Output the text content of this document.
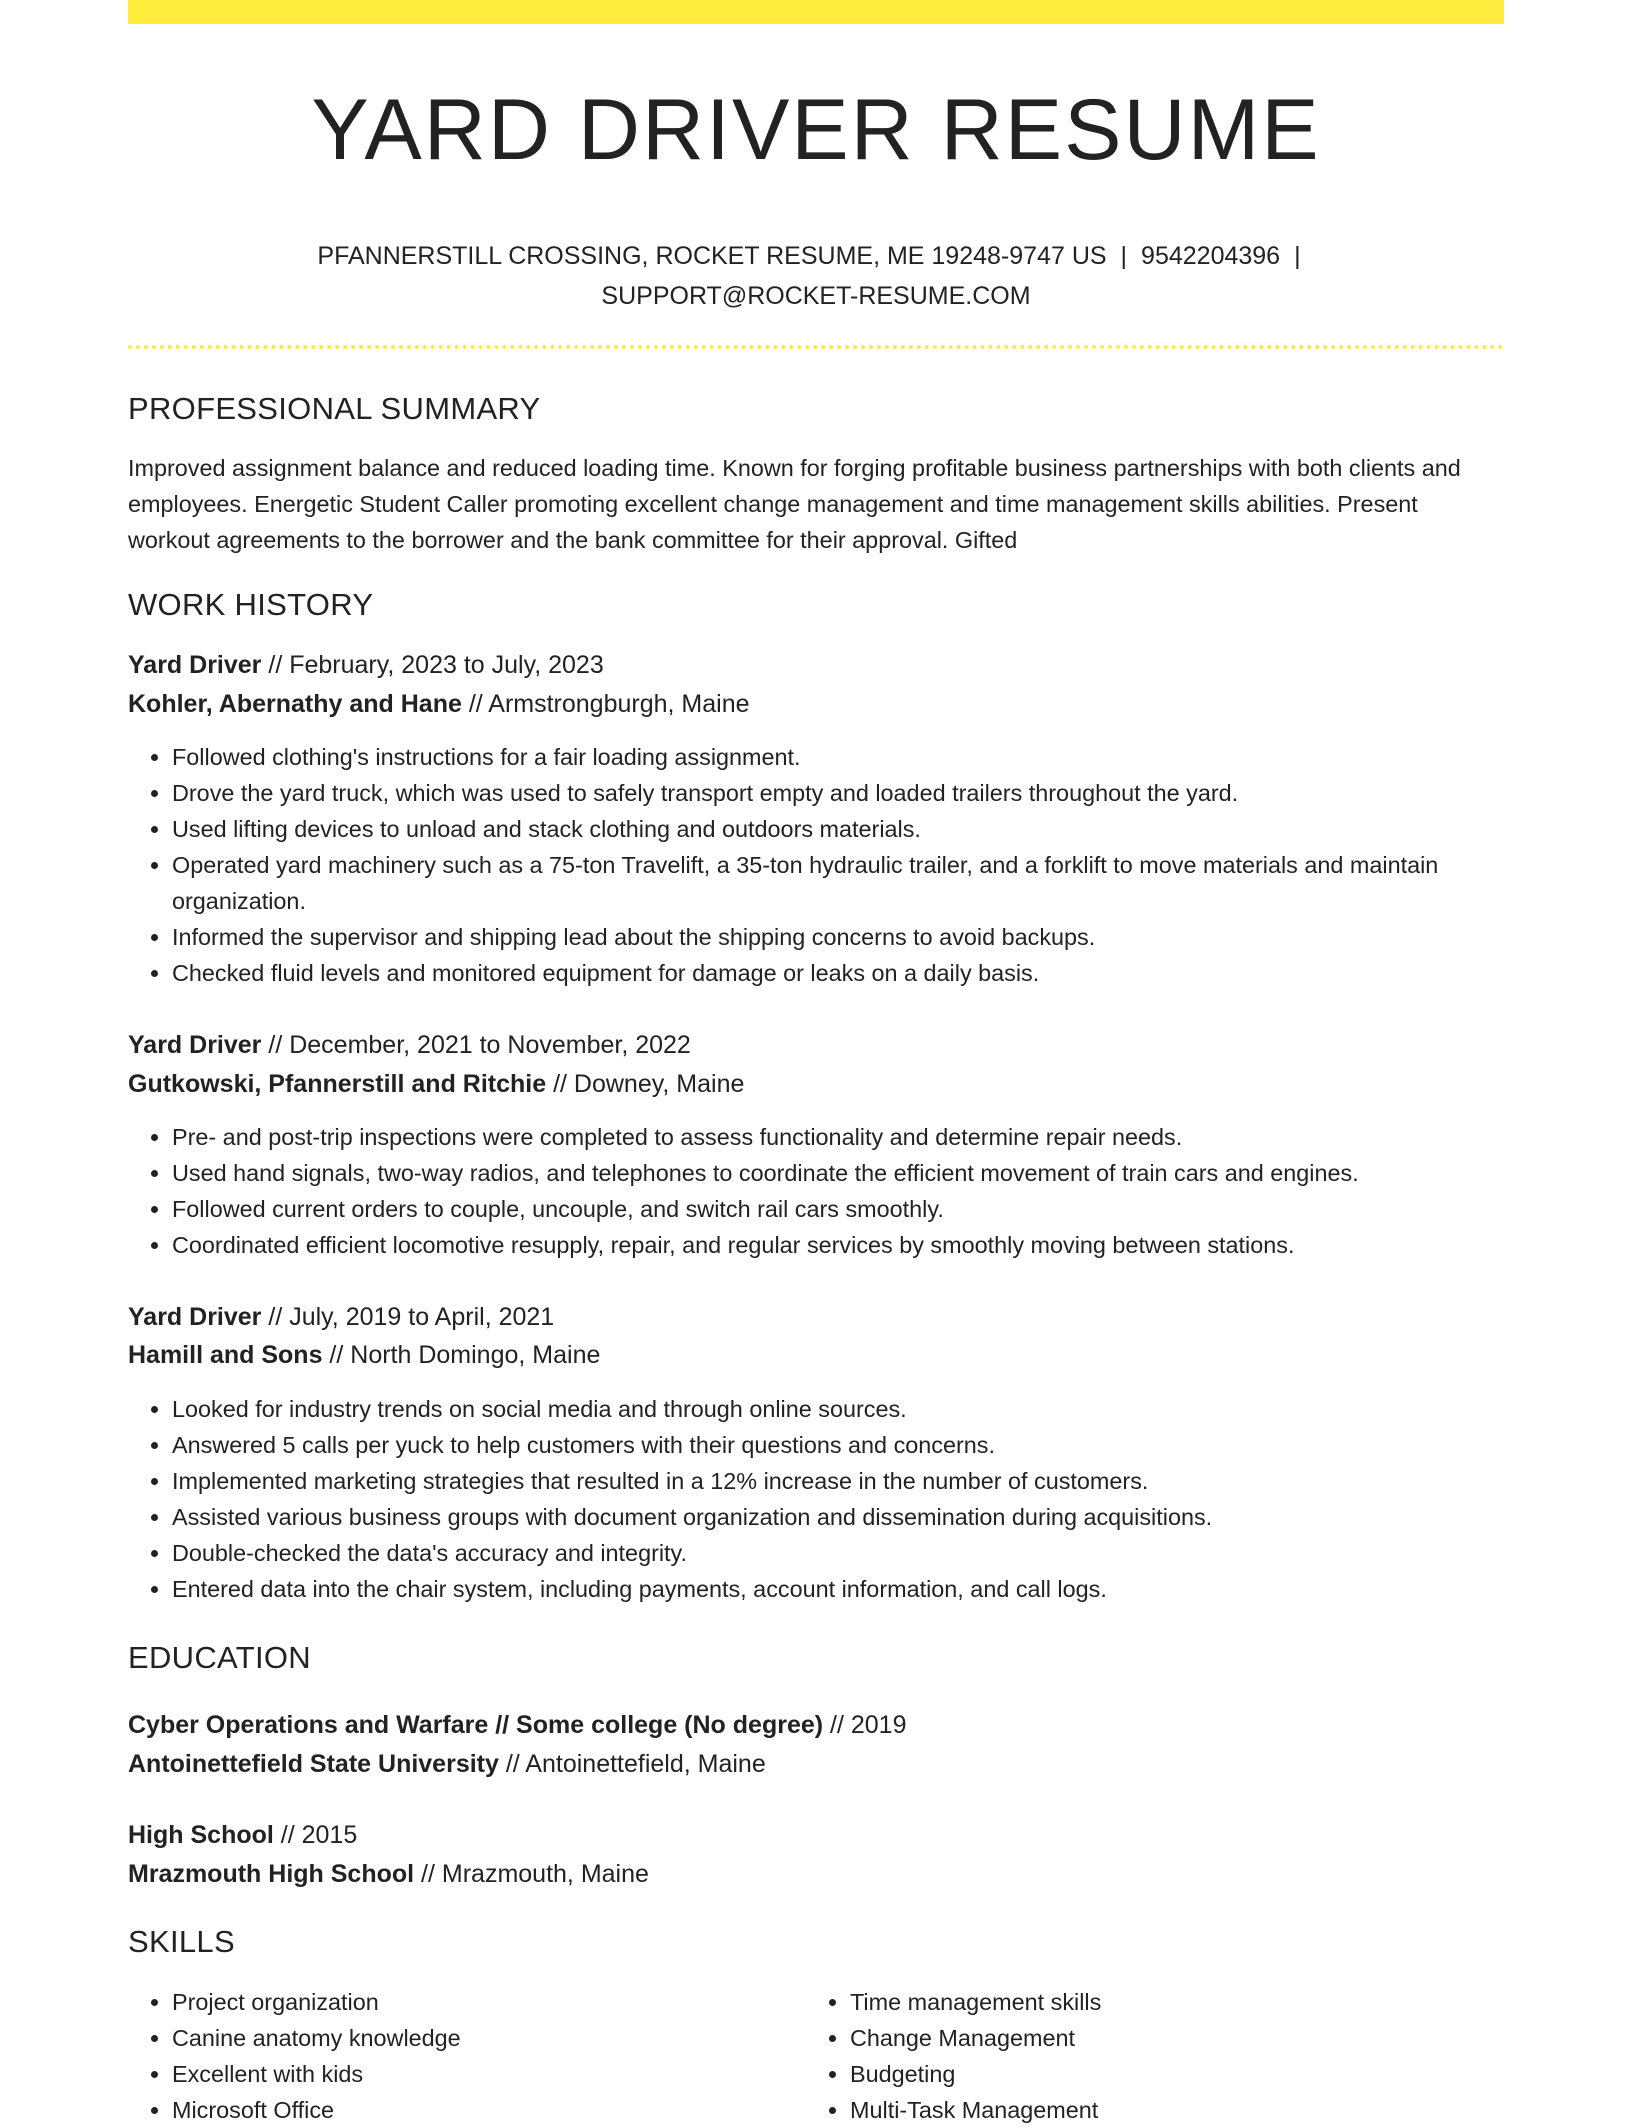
YARD DRIVER RESUME
PFANNERSTILL CROSSING, ROCKET RESUME, ME 19248-9747 US | 9542204396 |
SUPPORT@ROCKET-RESUME.COM
PROFESSIONAL SUMMARY
Improved assignment balance and reduced loading time. Known for forging profitable business partnerships with both clients and employees. Energetic Student Caller promoting excellent change management and time management skills abilities. Present workout agreements to the borrower and the bank committee for their approval. Gifted
WORK HISTORY
Yard Driver // February, 2023 to July, 2023
Kohler, Abernathy and Hane // Armstrongburgh, Maine
• Followed clothing's instructions for a fair loading assignment.
• Drove the yard truck, which was used to safely transport empty and loaded trailers throughout the yard.
• Used lifting devices to unload and stack clothing and outdoors materials.
• Operated yard machinery such as a 75-ton Travelift, a 35-ton hydraulic trailer, and a forklift to move materials and maintain organization.
• Informed the supervisor and shipping lead about the shipping concerns to avoid backups.
• Checked fluid levels and monitored equipment for damage or leaks on a daily basis.
Yard Driver // December, 2021 to November, 2022
Gutkowski, Pfannerstill and Ritchie // Downey, Maine
• Pre- and post-trip inspections were completed to assess functionality and determine repair needs.
• Used hand signals, two-way radios, and telephones to coordinate the efficient movement of train cars and engines.
• Followed current orders to couple, uncouple, and switch rail cars smoothly.
• Coordinated efficient locomotive resupply, repair, and regular services by smoothly moving between stations.
Yard Driver // July, 2019 to April, 2021
Hamill and Sons // North Domingo, Maine
• Looked for industry trends on social media and through online sources.
• Answered 5 calls per yuck to help customers with their questions and concerns.
• Implemented marketing strategies that resulted in a 12% increase in the number of customers.
• Assisted various business groups with document organization and dissemination during acquisitions.
• Double-checked the data's accuracy and integrity.
• Entered data into the chair system, including payments, account information, and call logs.
EDUCATION
Cyber Operations and Warfare // Some college (No degree) // 2019
Antoinettefield State University // Antoinettefield, Maine
High School // 2015
Mrazmouth High School // Mrazmouth, Maine
SKILLS
• Project organization
• Canine anatomy knowledge
• Excellent with kids
• Microsoft Office
• Time management skills
• Change Management
• Budgeting
• Multi-Task Management
